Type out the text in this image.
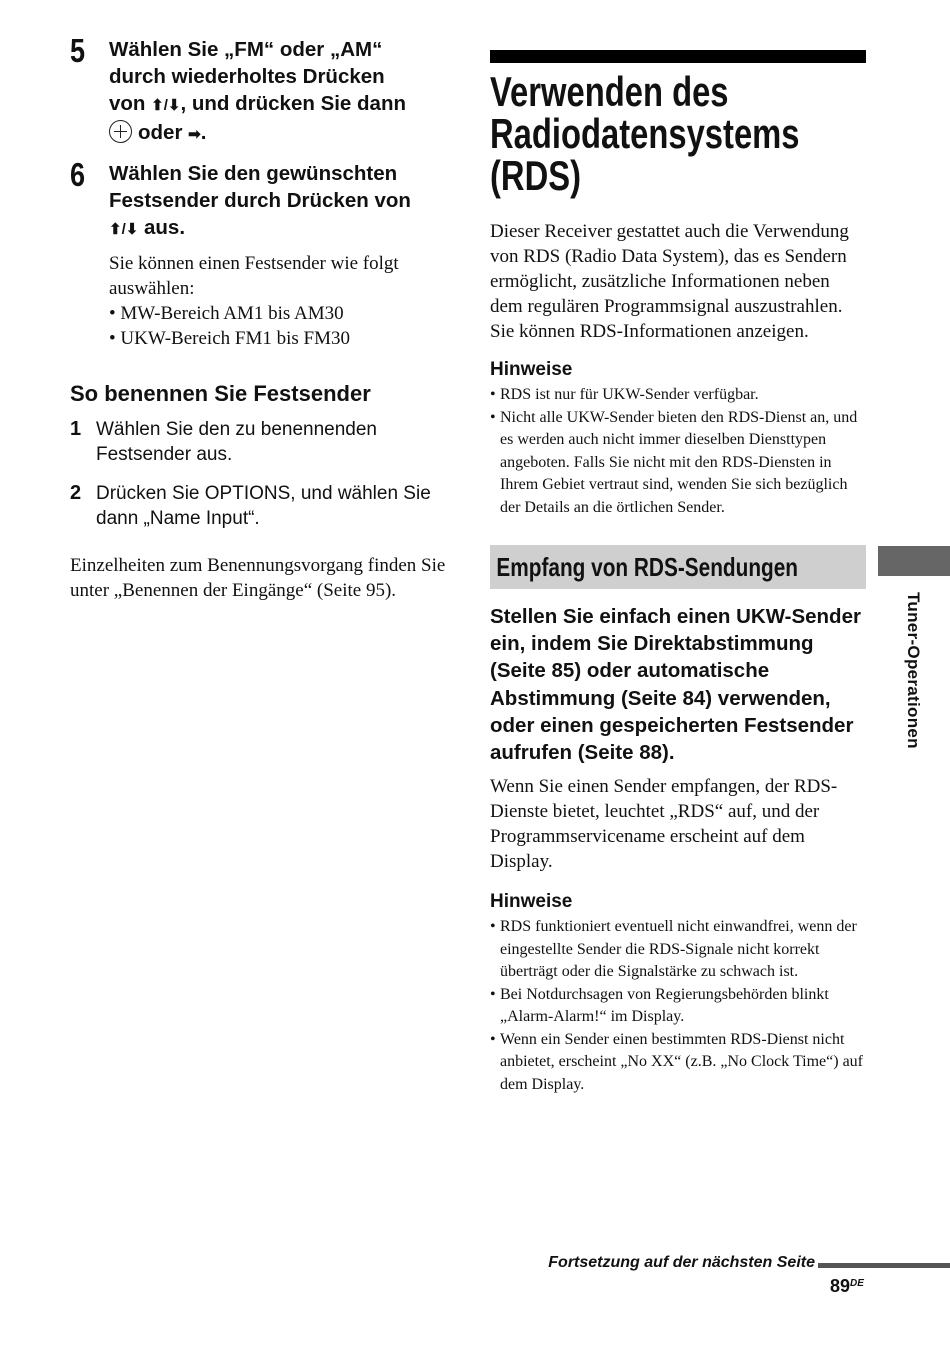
5 Wählen Sie „FM“ oder „AM“
durch wiederholtes Drücken
von ⬆/⬇, und drücken Sie dann
oder ➡.

6 Wählen Sie den gewünschten
Festsender durch Drücken von
⬆/⬇ aus.

Sie können einen Festsender wie folgt auswählen:

• MW-Bereich AM1 bis AM30
• UKW-Bereich FM1 bis FM30
So benennen Sie Festsender
1 Wählen Sie den zu benennenden Festsender aus.
2 Drücken Sie OPTIONS, und wählen Sie dann „Name Input“.

Einzelheiten zum Benennungsvorgang finden Sie unter „Benennen der Eingänge“ (Seite 95).

Verwenden des
Radiodatensystems
(RDS)

Dieser Receiver gestattet auch die Verwendung von RDS (Radio Data System), das es Sendern ermöglicht, zusätzliche Informationen neben dem regulären Programmsignal auszustrahlen. Sie können RDS-Informationen anzeigen.

Hinweise
• RDS ist nur für UKW-Sender verfügbar.
• Nicht alle UKW-Sender bieten den RDS-Dienst an, und es werden auch nicht immer dieselben Diensttypen angeboten. Falls Sie nicht mit den RDS-Diensten in Ihrem Gebiet vertraut sind, wenden Sie sich bezüglich der Details an die örtlichen Sender.
Empfang von RDS-Sendungen

Stellen Sie einfach einen UKW-Sender ein, indem Sie Direktabstimmung (Seite 85) oder automatische Abstimmung (Seite 84) verwenden, oder einen gespeicherten Festsender aufrufen (Seite 88).

Wenn Sie einen Sender empfangen, der RDS-Dienste bietet, leuchtet „RDS“ auf, und der Programmservicename erscheint auf dem Display.

Hinweise
• RDS funktioniert eventuell nicht einwandfrei, wenn der eingestellte Sender die RDS-Signale nicht korrekt überträgt oder die Signalstärke zu schwach ist.
• Bei Notdurchsagen von Regierungsbehörden blinkt „Alarm-Alarm!“ im Display.
• Wenn ein Sender einen bestimmten RDS-Dienst nicht anbietet, erscheint „No XX“ (z.B. „No Clock Time“) auf dem Display.
Tuner-Operationen
Fortsetzung auf der nächsten Seite
89DE
